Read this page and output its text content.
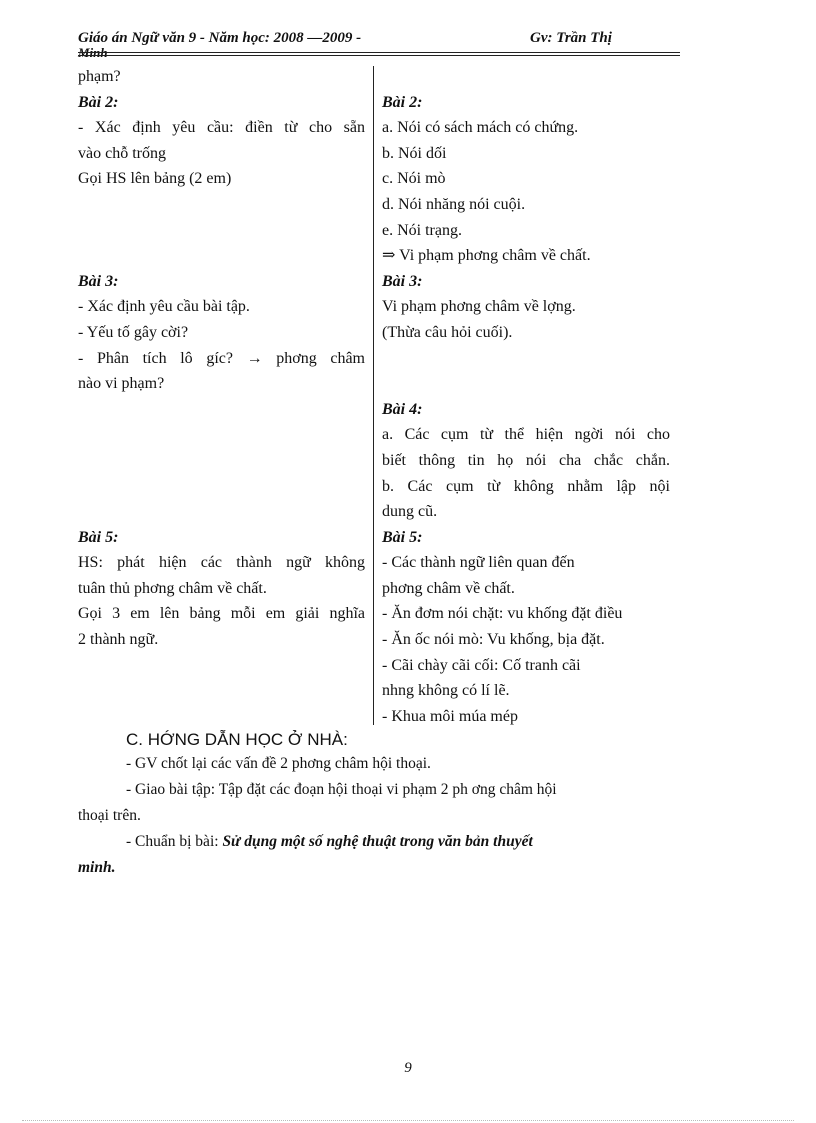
Giáo án Ngữ văn 9 - Năm học: 2008 —2009 -	Gv: Trần Thị
Minh
phạm?
Bài 2:
- Xác định yêu cầu: điền từ cho sẵn
vào chỗ trống
Gọi HS lên bảng (2 em)
Bài 3:
- Xác định yêu cầu bài tập.
- Yếu tố gây cời?
- Phân tích lô gíc? → phơng châm
nào vi phạm?
Bài 5:
HS: phát hiện các thành ngữ không
tuân thủ phơng châm về chất.
Gọi 3 em lên bảng mỗi em giải nghĩa
2 thành ngữ.
Bài 2:
a. Nói có sách mách có chứng.
b. Nói dối
c. Nói mò
d. Nói nhăng nói cuội.
e. Nói trạng.
⇒ Vi phạm phơng châm về chất.
Bài 3:
Vi phạm phơng châm về lợng.
(Thừa câu hỏi cuối).
Bài 4:
a. Các cụm từ thể hiện ngời nói cho
biết thông tin họ nói cha chắc chắn.
b. Các cụm từ không nhằm lập nội
dung cũ.
Bài 5:
- Các thành ngữ liên quan đến
phơng châm về chất.
- Ăn đơm nói chặt: vu khống đặt điều
- Ăn ốc nói mò: Vu khống, bịa đặt.
- Cãi chày cãi cối: Cố tranh cãi
nhng không có lí lẽ.
- Khua môi múa mép
C. HỚNG DẪN HỌC Ở NHÀ:
- GV chốt lại các vấn đề 2 phơng châm hội thoại.
- Giao bài tập: Tập đặt các đoạn hội thoại vi phạm 2 ph ơng châm hội
thoại trên.
- Chuẩn bị bài: Sử dụng một số nghệ thuật trong văn bản thuyết
minh.
9
